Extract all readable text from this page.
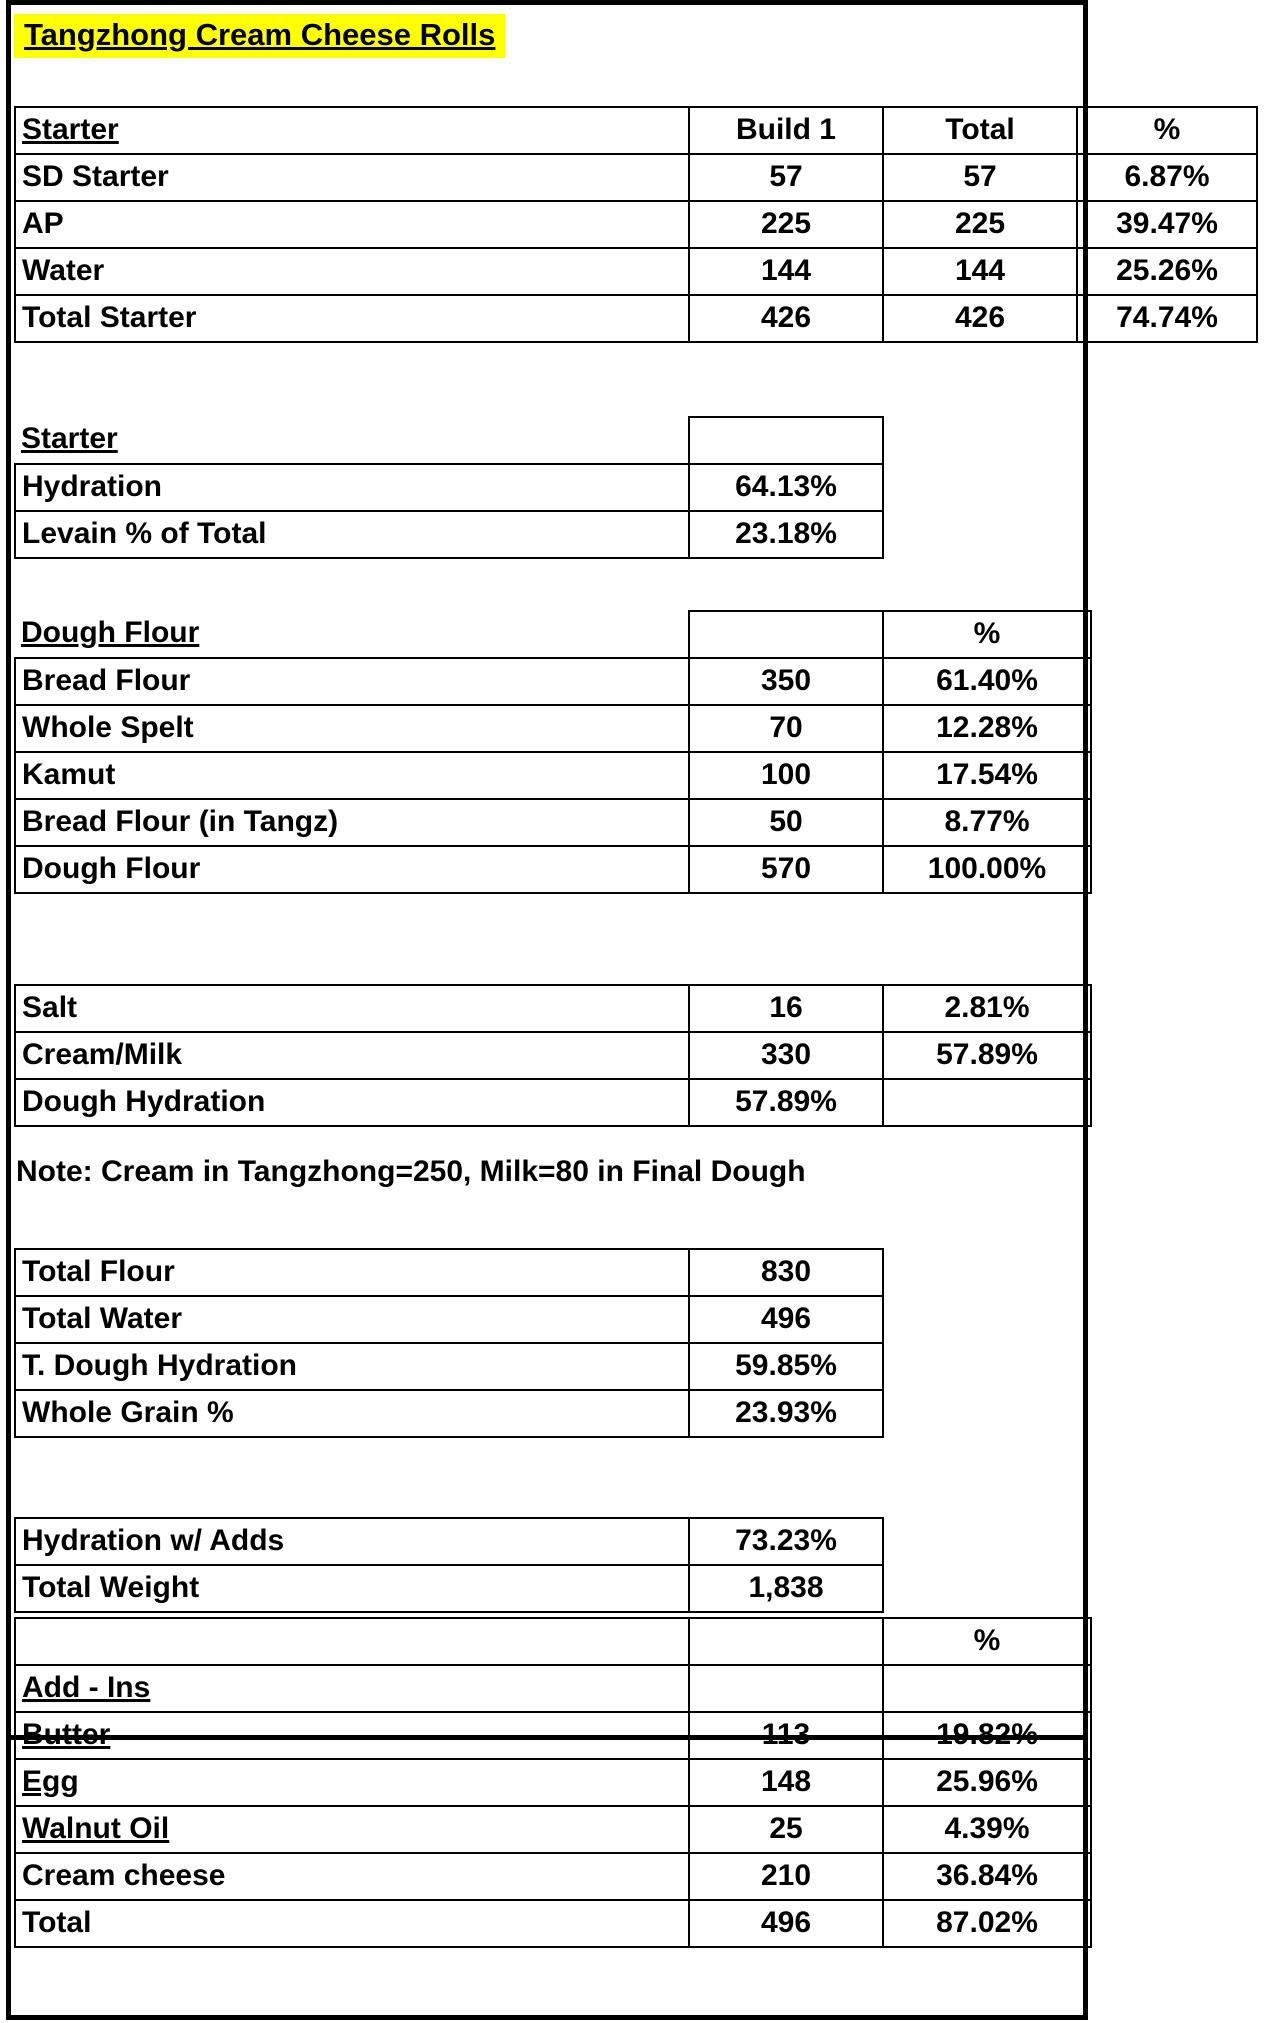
Tangzhong Cream Cheese Rolls
Starter	Build 1	Total	%
SD Starter	57	57	6.87%
AP	225	225	39.47%
Water	144	144	25.26%
Total Starter	426	426	74.74%
Starter	
Hydration	64.13%
Levain % of Total	23.18%
Dough Flour		%
Bread Flour	350	61.40%
Whole Spelt	70	12.28%
Kamut	100	17.54%
Bread Flour (in Tangz)	50	8.77%
Dough Flour	570	100.00%
Salt	16	2.81%
Cream/Milk	330	57.89%
Dough Hydration	57.89%	
Note: Cream in Tangzhong=250, Milk=80 in Final Dough
Total Flour	830
Total Water	496
T. Dough Hydration	59.85%
Whole Grain %	23.93%
Hydration w/ Adds	73.23%
Total Weight	1,838
		%
Add - Ins		
Butter	113	19.82%
Egg	148	25.96%
Walnut Oil	25	4.39%
Cream cheese	210	36.84%
Total	496	87.02%
